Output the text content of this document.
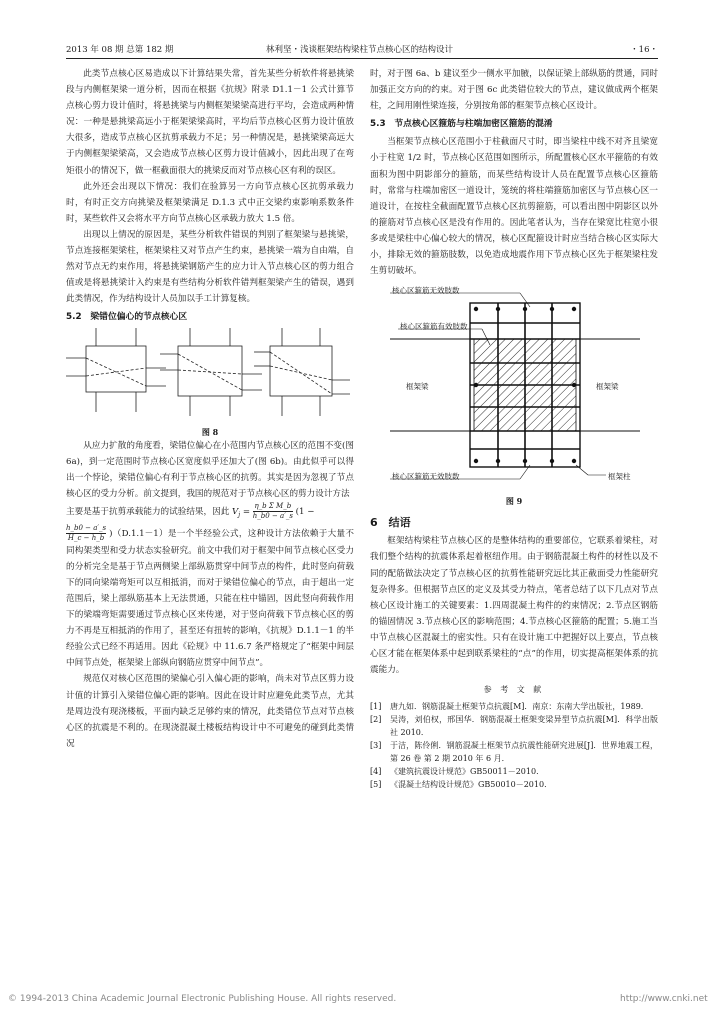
2013 年 08 期 总第 182 期	林利坚・浅谈框架结构梁柱节点核心区的结构设计	・16・

此类节点核心区易造成以下计算结果失常，首先某些分析软件将悬挑梁段与内侧框架梁一道分析，因而在根据《抗规》附录 D1.1－1 公式计算节点核心剪力设计值时，将悬挑梁与内侧框架梁梁高进行平均，会造成两种情况：一种是悬挑梁高远小于框架梁梁高时，平均后节点核心区剪力设计值放大很多，造成节点核心区抗剪承载力不足；另一种情况是，悬挑梁梁高远大于内侧框架梁梁高，又会造成节点核心区剪力设计值减小，因此出现了在弯矩很小的情况下，做一框截面很大的挑梁反而对节点核心区有利的误区。

此外还会出现以下情况：我们在验算另一方向节点核心区抗剪承载力时，有时正交方向挑梁及框架梁满足 D.1.3 式中正交梁约束影响系数条件时，某些软件又会将水平方向节点核心区承载力放大 1.5 倍。

出现以上情况的原因是，某些分析软件错误的判别了框架梁与悬挑梁，节点连接框架梁柱，框架梁柱又对节点产生约束，悬挑梁一端为自由端，自然对节点无约束作用，将悬挑梁钢筋产生的应力计入节点核心区的剪力组合值或是将悬挑梁计入约束是有些结构分析软件错判框架梁产生的错误，遇到此类情况，作为结构设计人员加以手工计算复核。

5.2　梁错位偏心的节点核心区

图 8

从应力扩散的角度看，梁错位偏心在小范围内节点核心区的范围不变(图 6a)，到一定范围时节点核心区宽度似乎还加大了(图 6b)。由此似乎可以得出一个悖论，梁错位偏心有利于节点核心区的抗剪。其实是因为忽视了节点核心区的受力分析。前文提到，我国的规范对于节点核心区的剪力设计方法

主要是基于抗剪承载能力的试验结果，因此 $V_j = \frac{\text{η\_b Σ M\_b}}{h\_b0 - a'\_s} (1$ −

$\frac{h\_b0 - a'\_s}{H\_c - h\_b} )(D.1.1-1)$是一个半经验公式，这种设计方法依赖于大量不同构架类型和受力状态实验研究。前文中我们对于框架中间节点核心区受力的分析完全是基于节点两侧梁上部纵筋贯穿中间节点的构件，此时竖向荷载下的同向梁端弯矩可以互相抵消，而对于梁错位偏心的节点，由于超出一定范围后，梁上部纵筋基本上无法贯通，只能在柱中锚固，因此竖向荷载作用下的梁端弯矩需要通过节点核心区来传递，对于竖向荷载下节点核心区的剪力不再是互相抵消的作用了，甚至还有扭转的影响，《抗规》D.1.1－1 的半经验公式已经不再适用。因此《砼规》中 11.6.7 条严格规定了“框架中间层中间节点处，框架梁上部纵向钢筋应贯穿中间节点”。

规范仅对核心区范围的梁偏心引入偏心距的影响，尚未对节点区剪力设计值的计算引入梁错位偏心距的影响。因此在设计时应避免此类节点，尤其是周边没有现浇楼板，平面内缺乏足够约束的情况，此类错位节点对节点核心区的抗震是不利的。在现浇混凝土楼板结构设计中不可避免的碰到此类情况

时，对于图 6a、b 建议至少一侧水平加腋，以保证梁上部纵筋的贯通，同时加强正交方向的约束。对于图 6c 此类错位较大的节点，建议做成两个框架柱，之间用刚性梁连接，分别按角部的框架节点核心区设计。

5.3　节点核心区箍筋与柱端加密区箍筋的混淆

当框架节点核心区范围小于柱截面尺寸时，即当梁柱中线不对齐且梁宽小于柱宽 1/2 时，节点核心区范围如图所示，所配置核心区水平箍筋的有效面积为图中阴影部分的箍筋，而某些结构设计人员在配置节点核心区箍筋时，常常与柱端加密区一道设计，笼统的将柱端箍筋加密区与节点核心区一道设计，在按柱全截面配置节点核心区抗剪箍筋，可以看出图中阴影区以外的箍筋对节点核心区是没有作用的。因此笔者认为，当存在梁宽比柱宽小很多或是梁柱中心偏心较大的情况，核心区配箍设计时应当结合核心区实际大小，排除无效的箍筋肢数，以免造成地震作用下节点核心区先于框架梁柱发生剪切破坏。

核心区箍筋无效肢数
核心区箍筋有效肢数
框架梁	框架梁
核心区箍筋无效肢数	框架柱

图 9

6　结语

框架结构梁柱节点核心区的是整体结构的重要部位，它联系着梁柱，对我们整个结构的抗震体系起着枢纽作用。由于钢筋混凝土构件的材性以及不同的配筋做法决定了节点核心区的抗剪性能研究远比其正截面受力性能研究复杂得多。但根据节点区的定义及其受力特点，笔者总结了以下几点对节点核心区设计施工的关键要素：1.四周混凝土构件的约束情况；2.节点区钢筋的锚固情况 3.节点核心区的影响范围；4.节点核心区箍筋的配置；5.施工当中节点核心区混凝土的密实性。只有在设计施工中把握好以上要点，节点核心区才能在框架体系中起到联系梁柱的“点”的作用，切实提高框架体系的抗震能力。

参 考 文 献

[1] 唐九如．钢筋混凝土框架节点抗震[M]．南京：东南大学出版社，1989．

[2] 吴涛，刘伯权，邢国华．钢筋混凝土框架变梁异型节点抗震[M]．科学出版社 2010．

[3] 于洁，陈伶俐．钢筋混凝土框架节点抗震性能研究进展[J]．世界地震工程，第 26 卷 第 2 期 2010 年 6 月．

[4] 《建筑抗震设计规范》GB50011－2010．

[5] 《混凝土结构设计规范》GB50010－2010．

© 1994-2013 China Academic Journal Electronic Publishing House. All rights reserved.	http://www.cnki.net
